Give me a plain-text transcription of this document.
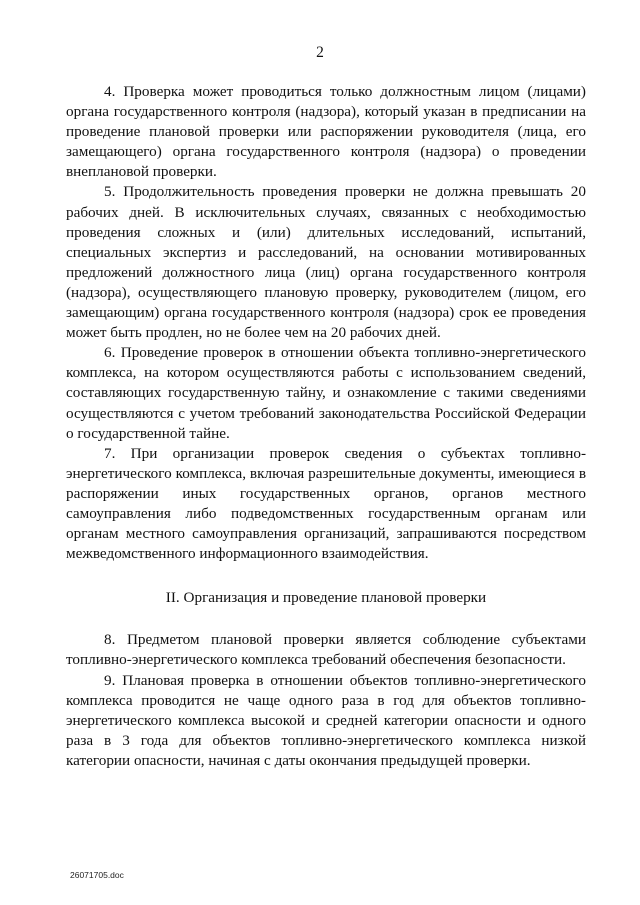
2

4. Проверка может проводиться только должностным лицом (лицами) органа государственного контроля (надзора), который указан в предписании на проведение плановой проверки или распоряжении руководителя (лица, его замещающего) органа государственного контроля (надзора) о проведении внеплановой проверки.

5. Продолжительность проведения проверки не должна превышать 20 рабочих дней. В исключительных случаях, связанных с необходимостью проведения сложных и (или) длительных исследований, испытаний, специальных экспертиз и расследований, на основании мотивированных предложений должностного лица (лиц) органа государственного контроля (надзора), осуществляющего плановую проверку, руководителем (лицом, его замещающим) органа государственного контроля (надзора) срок ее проведения может быть продлен, но не более чем на 20 рабочих дней.

6. Проведение проверок в отношении объекта топливно-энергетического комплекса, на котором осуществляются работы с использованием сведений, составляющих государственную тайну, и ознакомление с такими сведениями осуществляются с учетом требований законодательства Российской Федерации о государственной тайне.

7. При организации проверок сведения о субъектах топливно-энергетического комплекса, включая разрешительные документы, имеющиеся в распоряжении иных государственных органов, органов местного самоуправления либо подведомственных государственным органам или органам местного самоуправления организаций, запрашиваются посредством межведомственного информационного взаимодействия.

II. Организация и проведение плановой проверки

8. Предметом плановой проверки является соблюдение субъектами топливно-энергетического комплекса требований обеспечения безопасности.

9. Плановая проверка в отношении объектов топливно-энергетического комплекса проводится не чаще одного раза в год для объектов топливно-энергетического комплекса высокой и средней категории опасности и одного раза в 3 года для объектов топливно-энергетического комплекса низкой категории опасности, начиная с даты окончания предыдущей проверки.

26071705.doc
